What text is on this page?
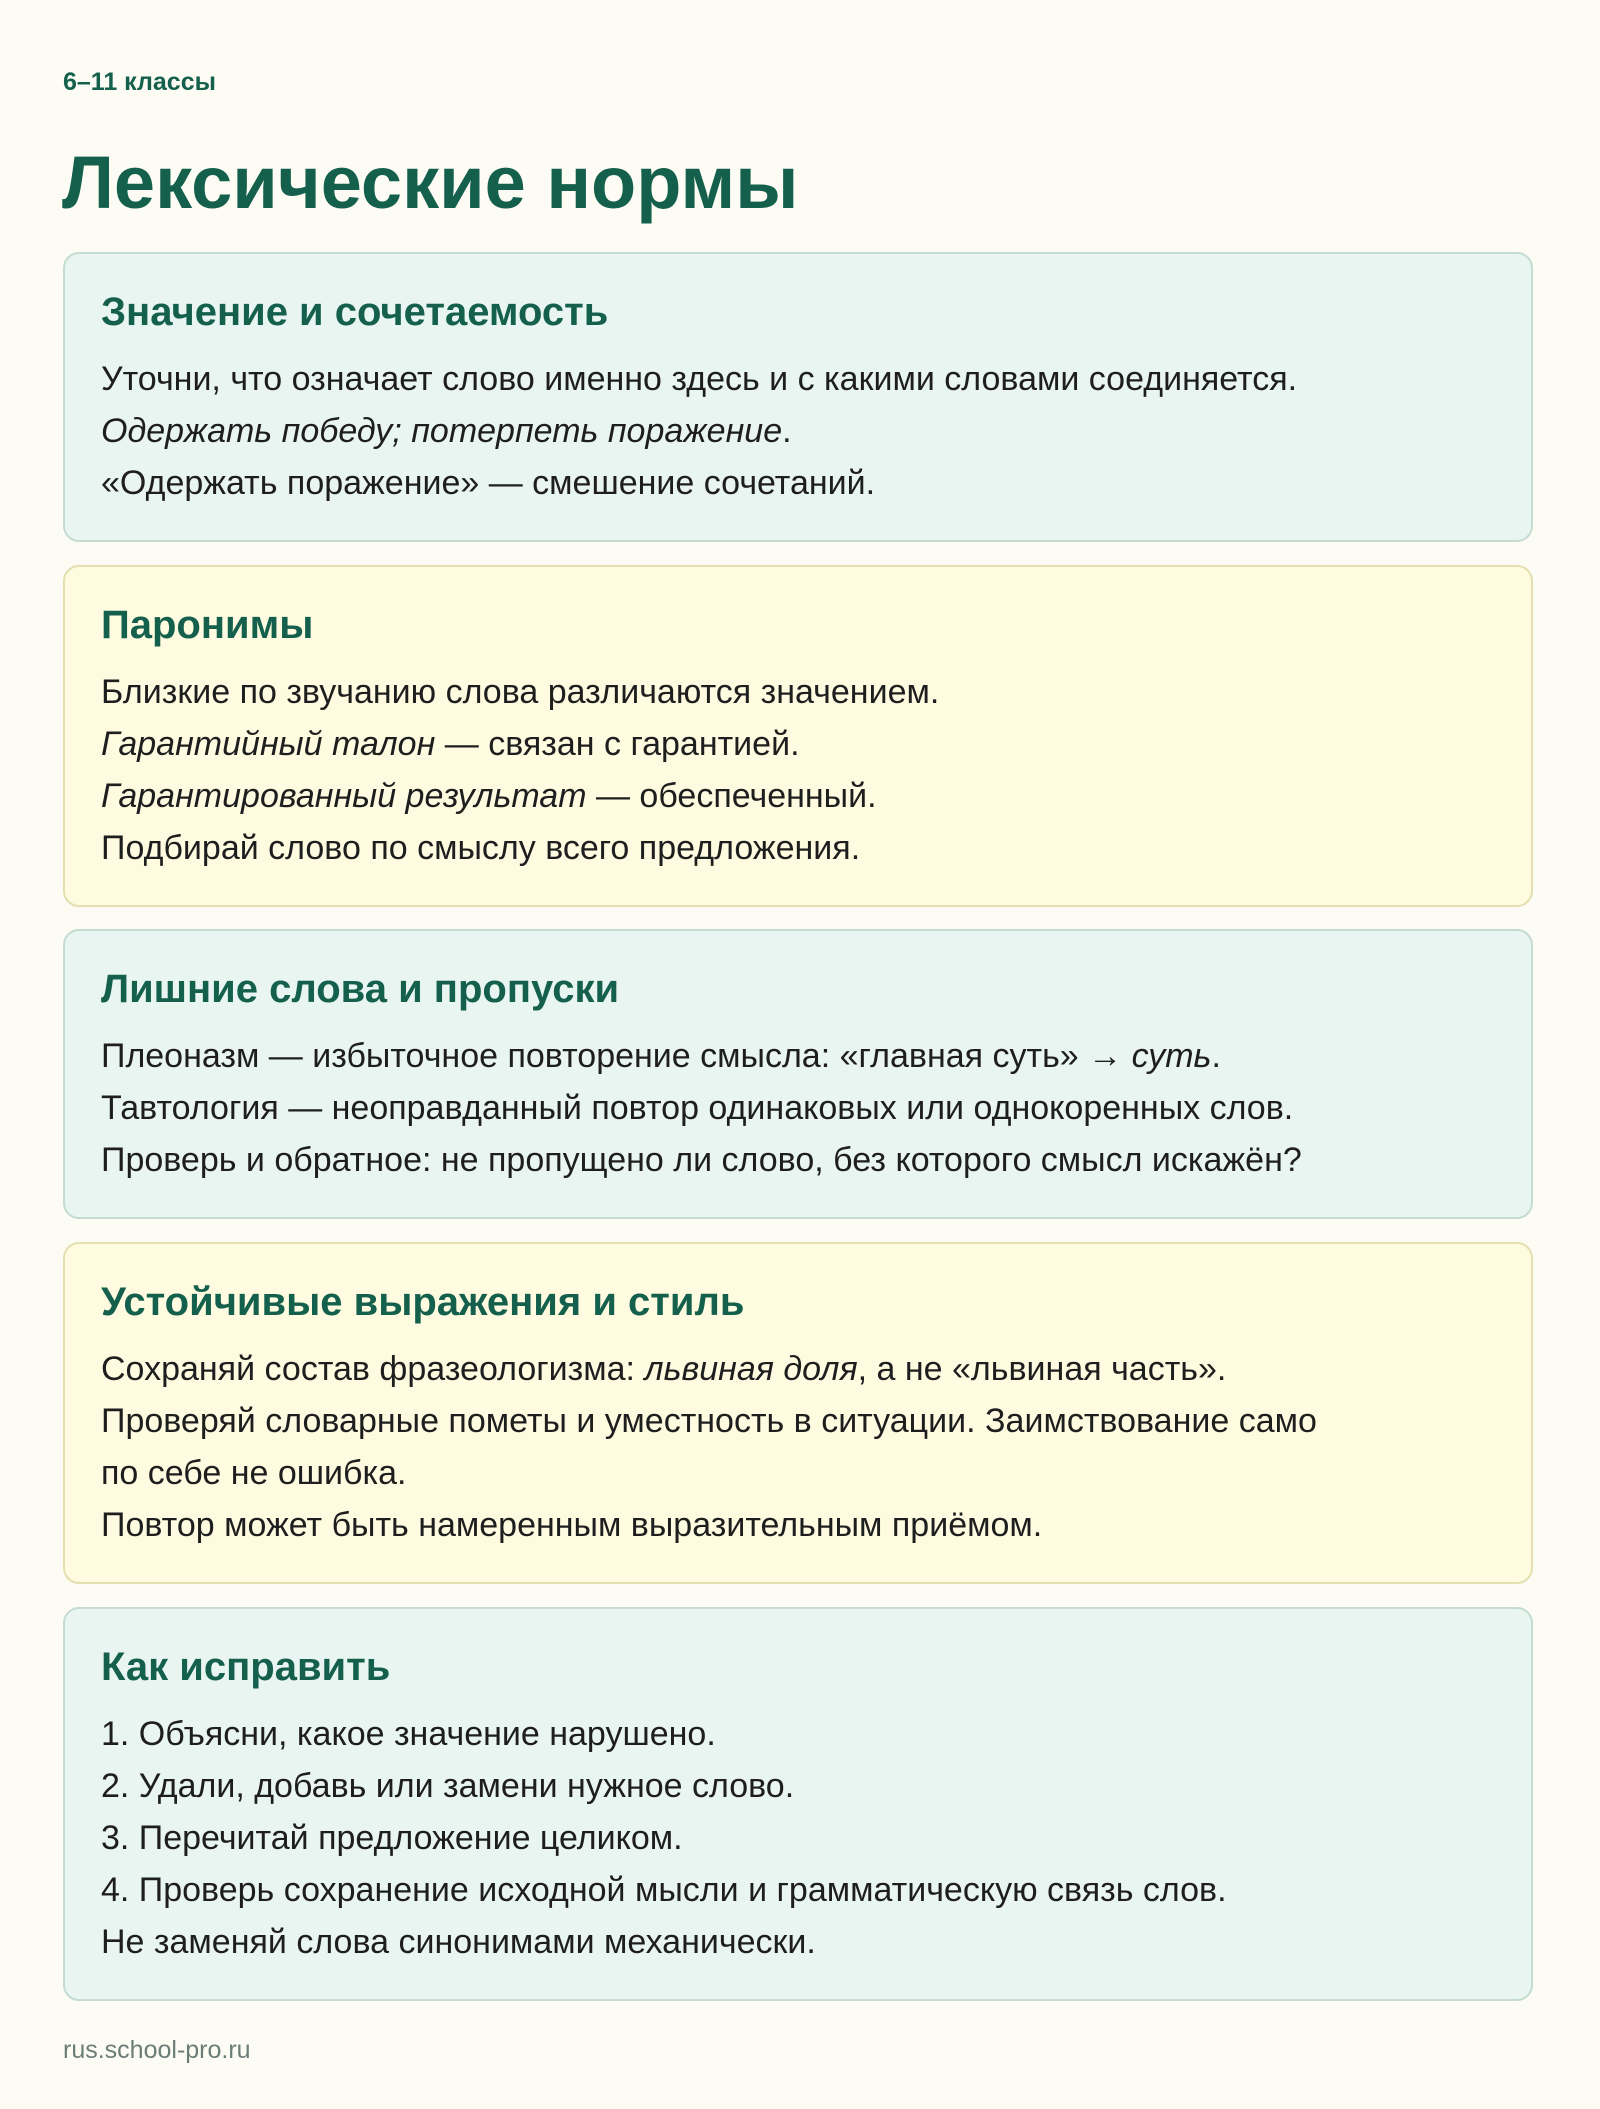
6–11 классы
Лексические нормы
Значение и сочетаемость

Уточни, что означает слово именно здесь и с какими словами соединяется.

Одержать победу; потерпеть поражение.

«Одержать поражение» — смешение сочетаний.

Паронимы

Близкие по звучанию слова различаются значением.

Гарантийный талон — связан с гарантией.

Гарантированный результат — обеспеченный.

Подбирай слово по смыслу всего предложения.

Лишние слова и пропуски

Плеоназм — избыточное повторение смысла: «главная суть» → суть.

Тавтология — неоправданный повтор одинаковых или однокоренных слов.

Проверь и обратное: не пропущено ли слово, без которого смысл искажён?

Устойчивые выражения и стиль

Сохраняй состав фразеологизма: львиная доля, а не «львиная часть».

Проверяй словарные пометы и уместность в ситуации. Заимствование само

по себе не ошибка.

Повтор может быть намеренным выразительным приёмом.

Как исправить

1. Объясни, какое значение нарушено.

2. Удали, добавь или замени нужное слово.

3. Перечитай предложение целиком.

4. Проверь сохранение исходной мысли и грамматическую связь слов.

Не заменяй слова синонимами механически.

rus.school-pro.ru
